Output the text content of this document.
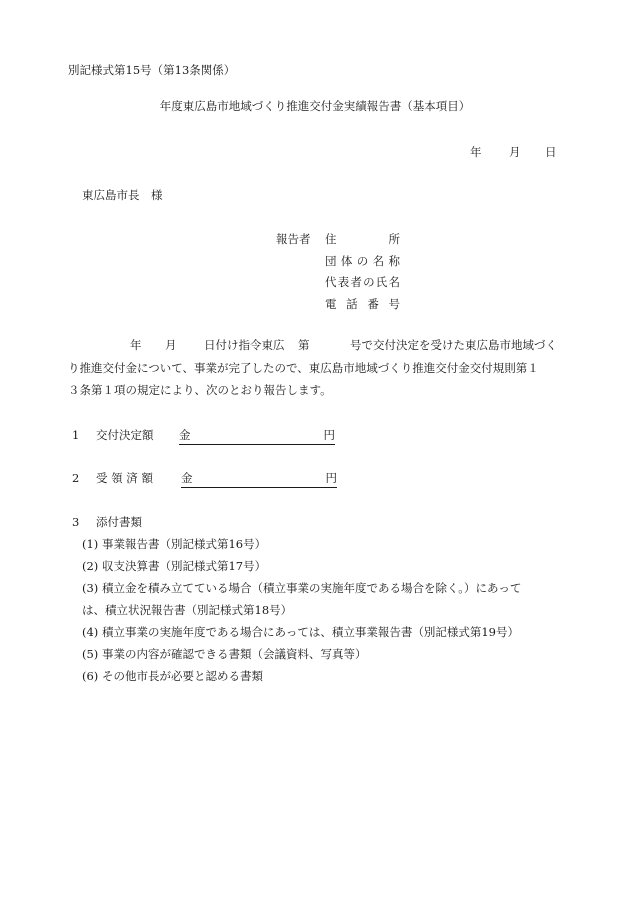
別記様式第15号（第13条関係）
年度東広島市地域づくり推進交付金実績報告書（基本項目）
年 月 日
東広島市長　様
報告者 住所
団体の名称
代表者の氏名
電話番号
年 月 日付け指令東広 第	号で交付決定を受けた東広島市地域づく
り推進交付金について、事業が完了したので、東広島市地域づくり推進交付金交付規則第１
３条第１項の規定により、次のとおり報告します。
1 交付決定額 金	円
2 受 領 済 額 金	円
3 添付書類
(1) 事業報告書（別記様式第16号）
(2) 収支決算書（別記様式第17号）
(3) 積立金を積み立てている場合（積立事業の実施年度である場合を除く。）にあって
は、積立状況報告書（別記様式第18号）
(4) 積立事業の実施年度である場合にあっては、積立事業報告書（別記様式第19号）
(5) 事業の内容が確認できる書類（会議資料、写真等）
(6) その他市長が必要と認める書類
